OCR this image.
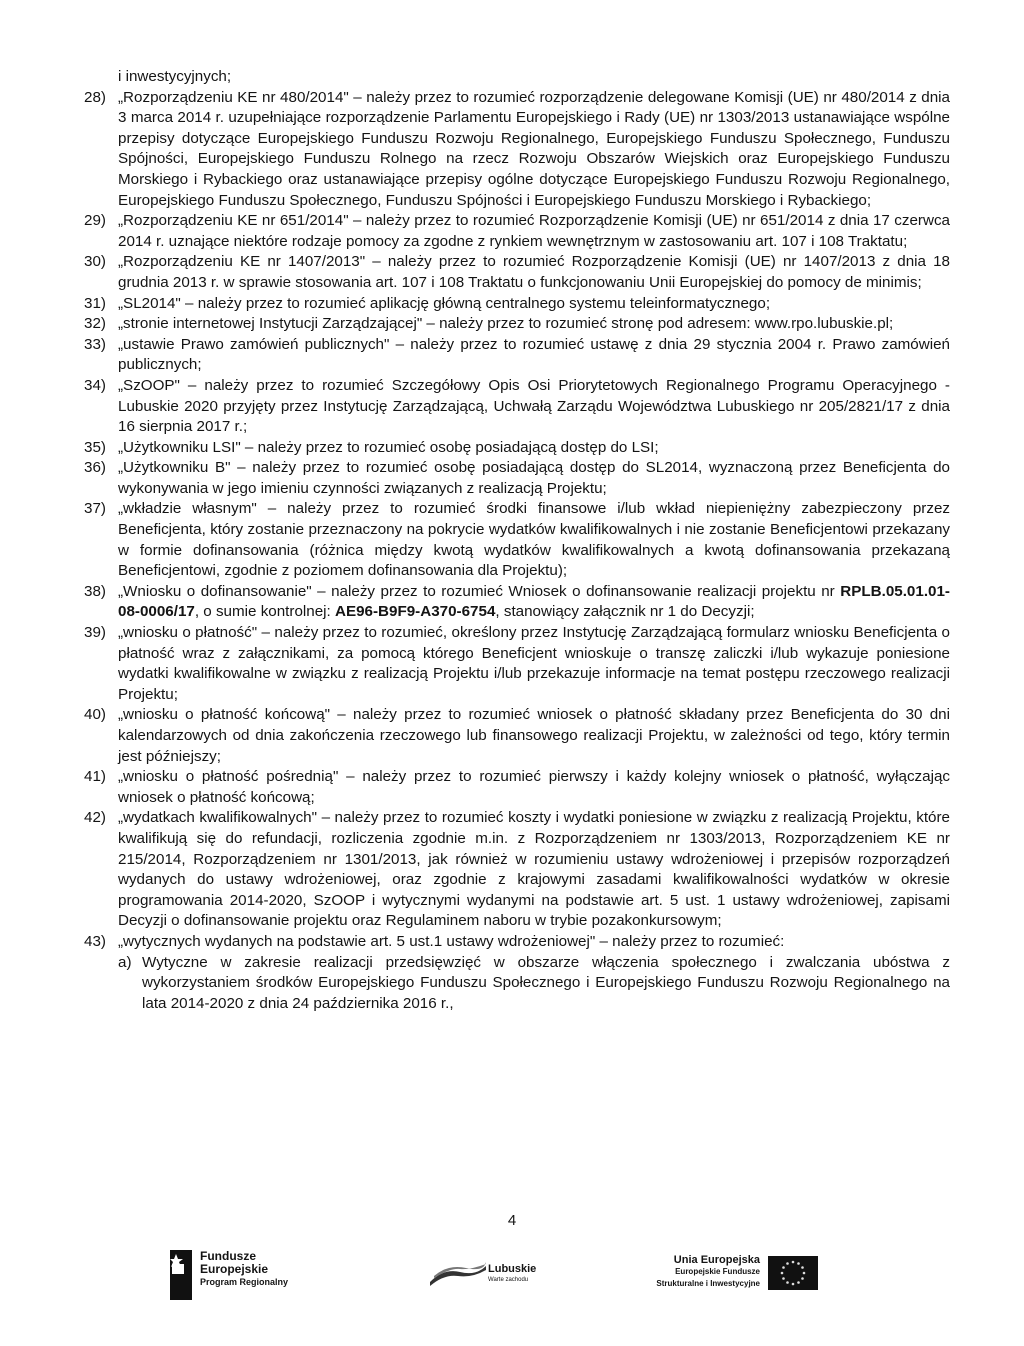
i inwestycyjnych;
28) „Rozporządzeniu KE nr 480/2014" – należy przez to rozumieć rozporządzenie delegowane Komisji (UE) nr 480/2014 z dnia 3 marca 2014 r. uzupełniające rozporządzenie Parlamentu Europejskiego i Rady (UE) nr 1303/2013 ustanawiające wspólne przepisy dotyczące Europejskiego Funduszu Rozwoju Regionalnego, Europejskiego Funduszu Społecznego, Funduszu Spójności, Europejskiego Funduszu Rolnego na rzecz Rozwoju Obszarów Wiejskich oraz Europejskiego Funduszu Morskiego i Rybackiego oraz ustanawiające przepisy ogólne dotyczące Europejskiego Funduszu Rozwoju Regionalnego, Europejskiego Funduszu Społecznego, Funduszu Spójności i Europejskiego Funduszu Morskiego i Rybackiego;

29) „Rozporządzeniu KE nr 651/2014" – należy przez to rozumieć Rozporządzenie Komisji (UE) nr 651/2014 z dnia 17 czerwca 2014 r. uznające niektóre rodzaje pomocy za zgodne z rynkiem wewnętrznym w zastosowaniu art. 107 i 108 Traktatu;

30) „Rozporządzeniu KE nr 1407/2013" – należy przez to rozumieć Rozporządzenie Komisji (UE) nr 1407/2013 z dnia 18 grudnia 2013 r. w sprawie stosowania art. 107 i 108 Traktatu o funkcjonowaniu Unii Europejskiej do pomocy de minimis;

31) „SL2014" – należy przez to rozumieć aplikację główną centralnego systemu teleinformatycznego;

32) „stronie internetowej Instytucji Zarządzającej" – należy przez to rozumieć stronę pod adresem: www.rpo.lubuskie.pl;

33) „ustawie Prawo zamówień publicznych" – należy przez to rozumieć ustawę z dnia 29 stycznia 2004 r. Prawo zamówień publicznych;

34) „SzOOP" – należy przez to rozumieć Szczegółowy Opis Osi Priorytetowych Regionalnego Programu Operacyjnego - Lubuskie 2020 przyjęty przez Instytucję Zarządzającą, Uchwałą Zarządu Województwa Lubuskiego nr 205/2821/17 z dnia 16 sierpnia 2017 r.;

35) „Użytkowniku LSI" – należy przez to rozumieć osobę posiadającą dostęp do LSI;

36) „Użytkowniku B" – należy przez to rozumieć osobę posiadającą dostęp do SL2014, wyznaczoną przez Beneficjenta do wykonywania w jego imieniu czynności związanych z realizacją Projektu;

37) „wkładzie własnym" – należy przez to rozumieć środki finansowe i/lub wkład niepieniężny zabezpieczony przez Beneficjenta, który zostanie przeznaczony na pokrycie wydatków kwalifikowalnych i nie zostanie Beneficjentowi przekazany w formie dofinansowania (różnica między kwotą wydatków kwalifikowalnych a kwotą dofinansowania przekazaną Beneficjentowi, zgodnie z poziomem dofinansowania dla Projektu);

38) „Wniosku o dofinansowanie" – należy przez to rozumieć Wniosek o dofinansowanie realizacji projektu nr RPLB.05.01.01-08-0006/17, o sumie kontrolnej: AE96-B9F9-A370-6754, stanowiący załącznik nr 1 do Decyzji;

39) „wniosku o płatność" – należy przez to rozumieć, określony przez Instytucję Zarządzającą formularz wniosku Beneficjenta o płatność wraz z załącznikami, za pomocą którego Beneficjent wnioskuje o transzę zaliczki i/lub wykazuje poniesione wydatki kwalifikowalne w związku z realizacją Projektu i/lub przekazuje informacje na temat postępu rzeczowego realizacji Projektu;

40) „wniosku o płatność końcową" – należy przez to rozumieć wniosek o płatność składany przez Beneficjenta do 30 dni kalendarzowych od dnia zakończenia rzeczowego lub finansowego realizacji Projektu, w zależności od tego, który termin jest późniejszy;

41) „wniosku o płatność pośrednią" – należy przez to rozumieć pierwszy i każdy kolejny wniosek o płatność, wyłączając wniosek o płatność końcową;

42) „wydatkach kwalifikowalnych" – należy przez to rozumieć koszty i wydatki poniesione w związku z realizacją Projektu, które kwalifikują się do refundacji, rozliczenia zgodnie m.in. z Rozporządzeniem nr 1303/2013, Rozporządzeniem KE nr 215/2014, Rozporządzeniem nr 1301/2013, jak również w rozumieniu ustawy wdrożeniowej i przepisów rozporządzeń wydanych do ustawy wdrożeniowej, oraz zgodnie z krajowymi zasadami kwalifikowalności wydatków w okresie programowania 2014-2020, SzOOP i wytycznymi wydanymi na podstawie art. 5 ust. 1 ustawy wdrożeniowej, zapisami Decyzji o dofinansowanie projektu oraz Regulaminem naboru w trybie pozakonkursowym;

43) „wytycznych wydanych na podstawie art. 5 ust.1 ustawy wdrożeniowej" – należy przez to rozumieć:

a) Wytyczne w zakresie realizacji przedsięwzięć w obszarze włączenia społecznego i zwalczania ubóstwa z wykorzystaniem środków Europejskiego Funduszu Społecznego i Europejskiego Funduszu Rozwoju Regionalnego na lata 2014-2020 z dnia 24 października 2016 r.,

4
Fundusze
Europejskie
Program Regionalny
Lubuskie
Warte zachodu
Unia Europejska
Europejskie Fundusze
Strukturalne i Inwestycyjne
